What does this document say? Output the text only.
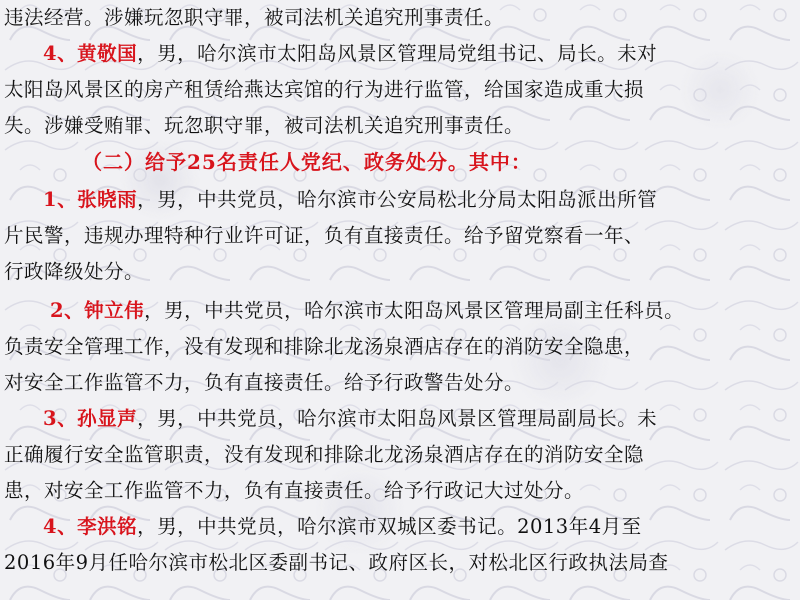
违法经营。涉嫌玩忽职守罪，被司法机关追究刑事责任。
4、黄敬国，男，哈尔滨市太阳岛风景区管理局党组书记、局长。未对
太阳岛风景区的房产租赁给燕达宾馆的行为进行监管，给国家造成重大损
失。涉嫌受贿罪、玩忽职守罪，被司法机关追究刑事责任。
（二）给予25名责任人党纪、政务处分。其中：
1、张晓雨，男，中共党员，哈尔滨市公安局松北分局太阳岛派出所管
片民警，违规办理特种行业许可证，负有直接责任。给予留党察看一年、
行政降级处分。
2、钟立伟，男，中共党员，哈尔滨市太阳岛风景区管理局副主任科员。
负责安全管理工作，没有发现和排除北龙汤泉酒店存在的消防安全隐患，
对安全工作监管不力，负有直接责任。给予行政警告处分。
3、孙显声，男，中共党员，哈尔滨市太阳岛风景区管理局副局长。未
正确履行安全监管职责，没有发现和排除北龙汤泉酒店存在的消防安全隐
患，对安全工作监管不力，负有直接责任。给予行政记大过处分。
4、李洪铭，男，中共党员，哈尔滨市双城区委书记。2013年4月至
2016年9月任哈尔滨市松北区委副书记、政府区长，对松北区行政执法局查
